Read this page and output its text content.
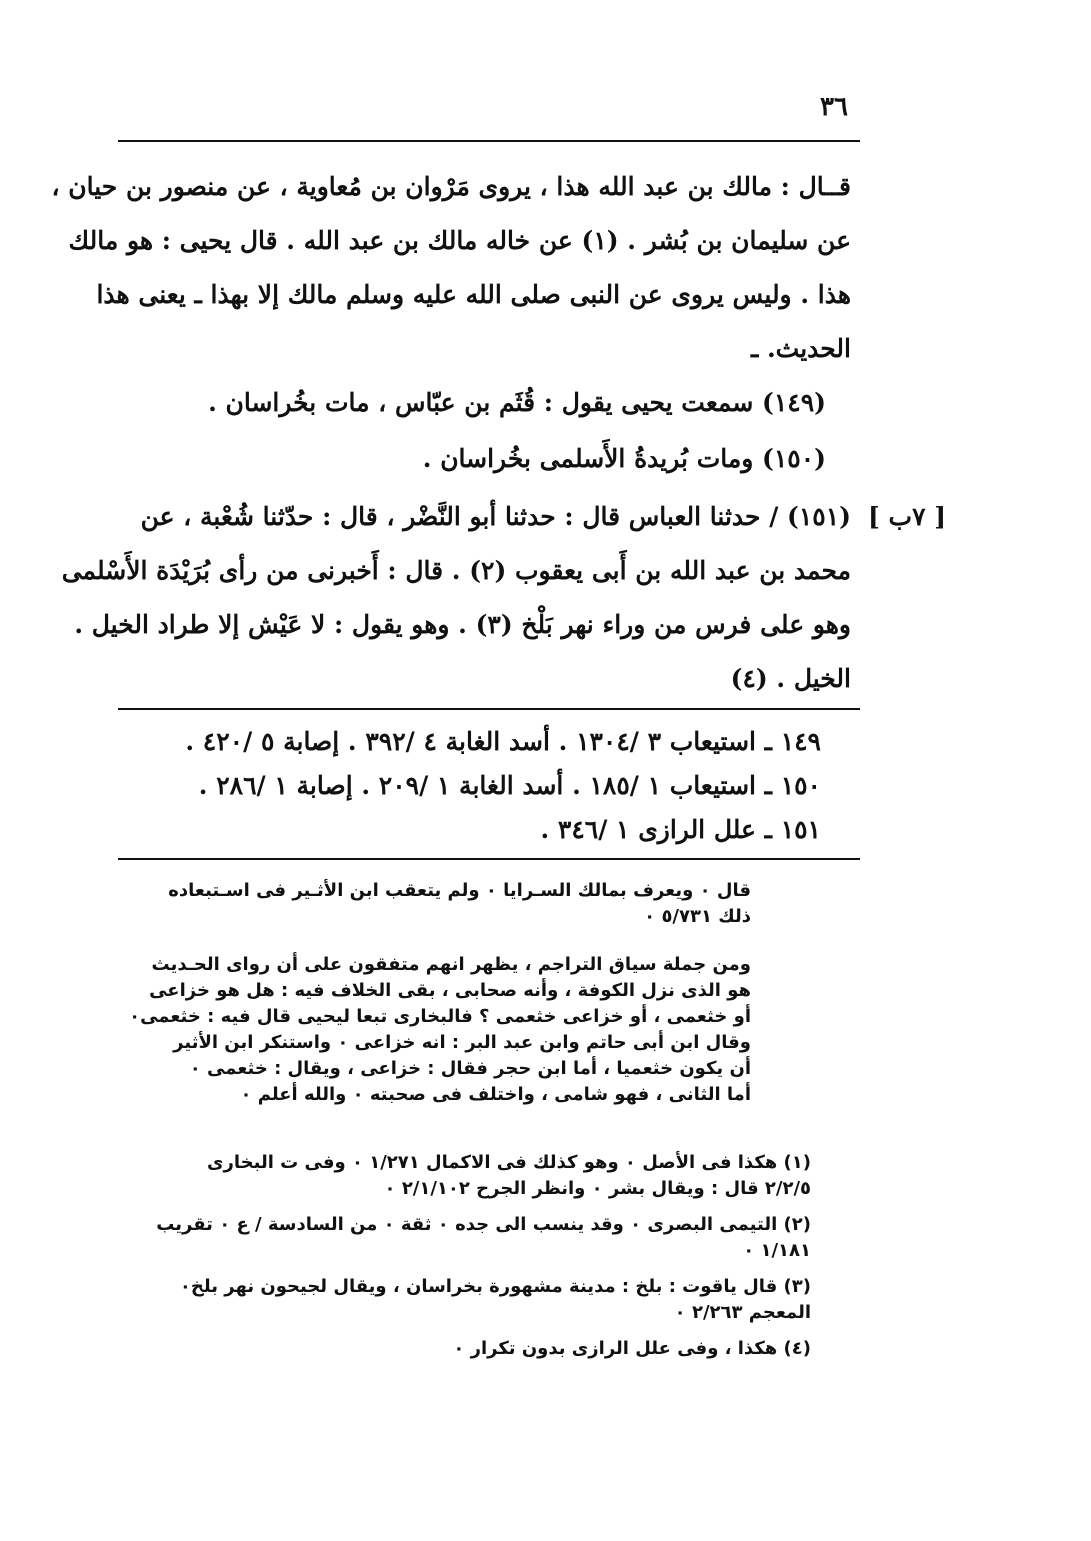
٣٦
قــال : مالك بن عبد الله هذا ، يروى مَرْوان بن مُعاوية ، عن منصور بن حيان ،
عن سليمان بن بُشر . (١) عن خاله مالك بن عبد الله . قال يحيى : هو مالك
هذا . وليس يروى عن النبى صلى الله عليه وسلم مالك إلا بهذا ـ يعنى هذا
الحديث. ـ
(١٤٩) سمعت يحيى يقول : قُثَم بن عبّاس ، مات بخُراسان .
(١٥٠) ومات بُريدةُ الأَسلمى بخُراسان .
[ ٧ب ]
(١٥١) / حدثنا العباس قال : حدثنا أبو النَّضْر ، قال : حدّثنا شُعْبة ، عن
محمد بن عبد الله بن أَبى يعقوب (٢) . قال : أَخبرنى من رأى بُرَيْدَة الأَسْلمى
وهو على فرس من وراء نهر بَلْخ (٣) . وهو يقول : لا عَيْش إلا طراد الخيل .
الخيل . (٤)
١٤٩ ـ استيعاب ٣ /١٣٠٤ . أسد الغابة ٤ /٣٩٢ . إصابة ٥ /٤٢٠ .
١٥٠ ـ استيعاب ١ /١٨٥ . أسد الغابة ١ /٢٠٩ . إصابة ١ /٢٨٦ .
١٥١ ـ علل الرازى ١ /٣٤٦ .
قال ٠ ويعرف بمالك السـرايا ٠ ولم يتعقب ابن الأثـير فى اسـتبعاده
ذلك ٥/٧٣١ ٠
ومن جملة سياق التراجم ، يظهر انهم متفقون على أن رواى الحـديث
هو الذى نزل الكوفة ، وأنه صحابى ، بقى الخلاف فيه : هل هو خزاعى
أو خثعمى ، أو خزاعى خثعمى ؟ فالبخارى تبعا ليحيى قال فيه : خثعمى٠
وقال ابن أبى حاتم وابن عبد البر : انه خزاعى ٠ واستنكر ابن الأثير
أن يكون خثعميا ، أما ابن حجر فقال : خزاعى ، ويقال : خثعمى ٠
أما الثانى ، فهو شامى ، واختلف فى صحبته ٠ والله أعلم ٠
(١) هكذا فى الأصل ٠ وهو كذلك فى الاكمال ١/٢٧١ ٠ وفى ت البخارى
٢/٢/٥ قال : ويقال بشر ٠ وانظر الجرح ٢/١/١٠٢ ٠
(٢) التيمى البصرى ٠ وقد ينسب الى جده ٠ ثقة ٠ من السادسة / ع ٠ تقريب
١/١٨١ ٠
(٣) قال ياقوت : بلخ : مدينة مشهورة بخراسان ، ويقال لجيحون نهر بلخ٠
المعجم ٢/٢٦٣ ٠
(٤) هكذا ، وفى علل الرازى بدون تكرار ٠
